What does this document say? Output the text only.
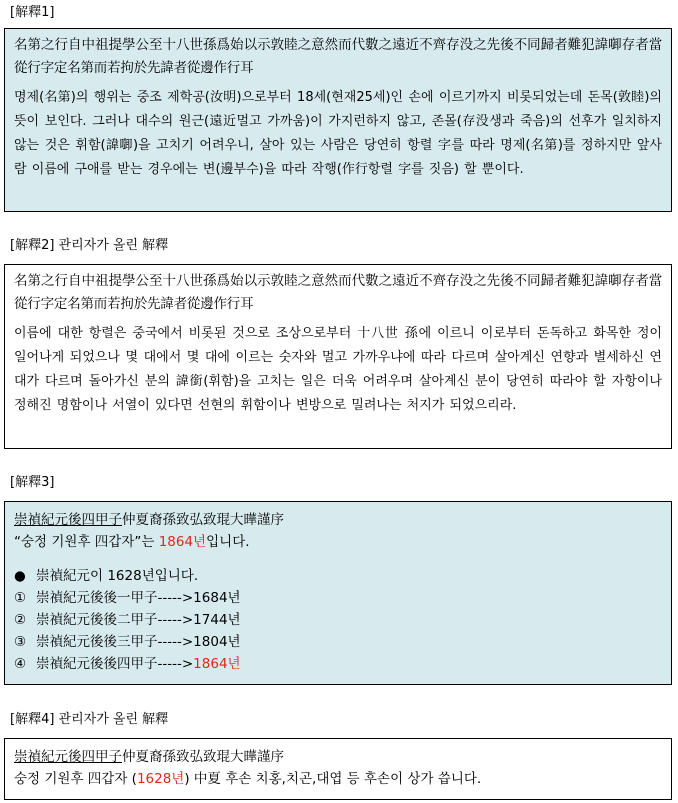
[解釋1]
名第之行自中祖提學公至十八世孫爲始以示敦睦之意然而代數之遠近不齊存没之先後不同歸者難犯諱啣存者當從行字定名第而若拘於先諱者從邊作行耳
명제(名第)의 행위는 중조 제학공(汝明)으로부터 18세(현재25세)인 손에 이르기까지 비롯되었는데 돈목(敦睦)의 뜻이 보인다. 그러나 대수의 원근(遠近멀고 가까움)이 가지런하지 않고, 존몰(存没생과 죽음)의 선후가 일치하지 않는 것은 휘함(諱啣)을 고치기 어려우니, 살아 있는 사람은 당연히 항렬 字를 따라 명제(名第)를 정하지만 앞사람 이름에 구애를 받는 경우에는 변(邊부수)을 따라 작행(作行항렬 字를 짓음) 할 뿐이다.
[解釋2] 관리자가 올린 解釋
名第之行自中祖提學公至十八世孫爲始以示敦睦之意然而代數之遠近不齊存没之先後不同歸者難犯諱啣存者當從行字定名第而若拘於先諱者從邊作行耳
이름에 대한 항렬은 중국에서 비롯된 것으로 조상으로부터 十八世 孫에 이르니 이로부터 돈독하고 화목한 정이 일어나게 되었으나 몇 대에서 몇 대에 이르는 숫자와 멀고 가까우냐에 따라 다르며 살아계신 연향과 별세하신 연대가 다르며 돌아가신 분의 諱銜(휘함)을 고치는 일은 더욱 어려우며 살아계신 분이 당연히 따라야 할 자항이나 정해진 명함이나 서열이 있다면 선현의 휘함이나 변방으로 밀려나는 처지가 되었으리라.
[解釋3]
崇禎紀元後四甲子仲夏裔孫致弘致琨大曄謹序
“숭정 기원후 四갑자”는 1864년입니다.
● 崇禎紀元이 1628년입니다.
① 崇禎紀元後後一甲子----->1684년
② 崇禎紀元後後二甲子----->1744년
③ 崇禎紀元後後三甲子----->1804년
④ 崇禎紀元後後四甲子----->1864년
[解釋4] 관리자가 올린 解釋
崇禎紀元後四甲子仲夏裔孫致弘致琨大曄謹序
숭정 기원후 四갑자 (1628년) 中夏 후손 치홍,치곤,대엽 등 후손이 상가 씁니다.
